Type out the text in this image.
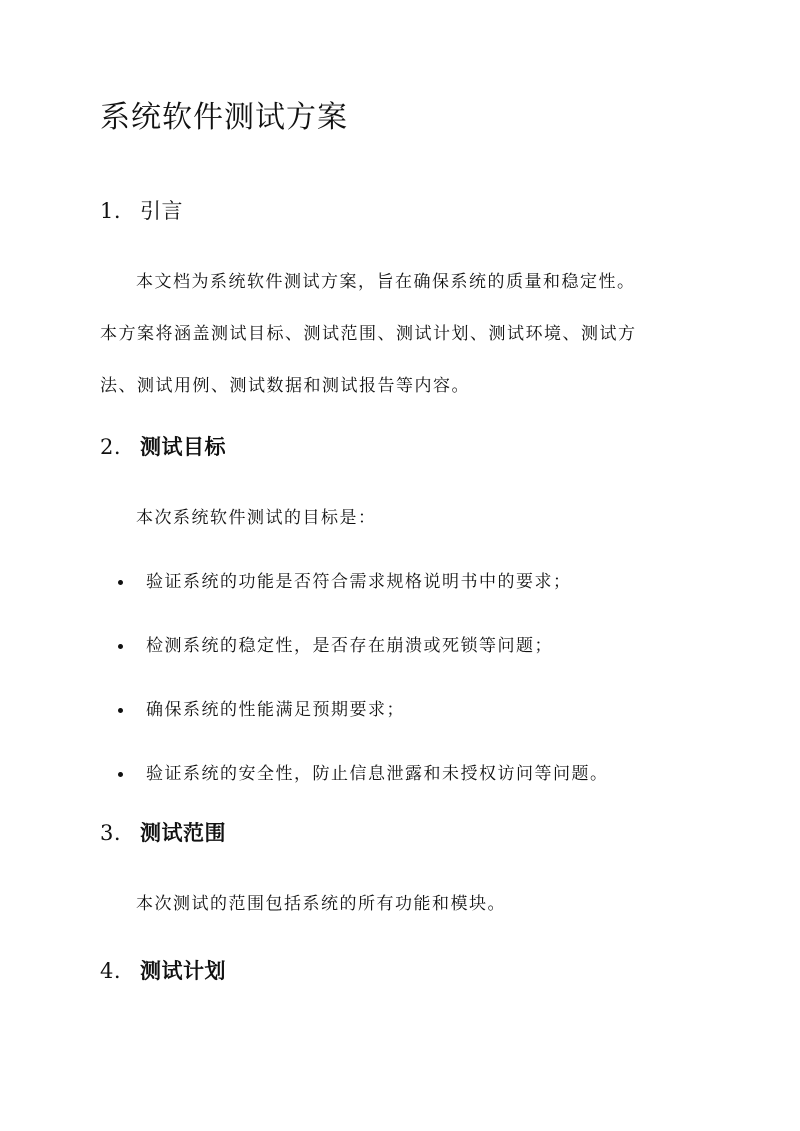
系统软件测试方案
1. 引言
本文档为系统软件测试方案，旨在确保系统的质量和稳定性。
本方案将涵盖测试目标、测试范围、测试计划、测试环境、测试方
法、测试用例、测试数据和测试报告等内容。
2. 测试目标
本次系统软件测试的目标是：
验证系统的功能是否符合需求规格说明书中的要求；
检测系统的稳定性，是否存在崩溃或死锁等问题；
确保系统的性能满足预期要求；
验证系统的安全性，防止信息泄露和未授权访问等问题。
3. 测试范围
本次测试的范围包括系统的所有功能和模块。
4. 测试计划
